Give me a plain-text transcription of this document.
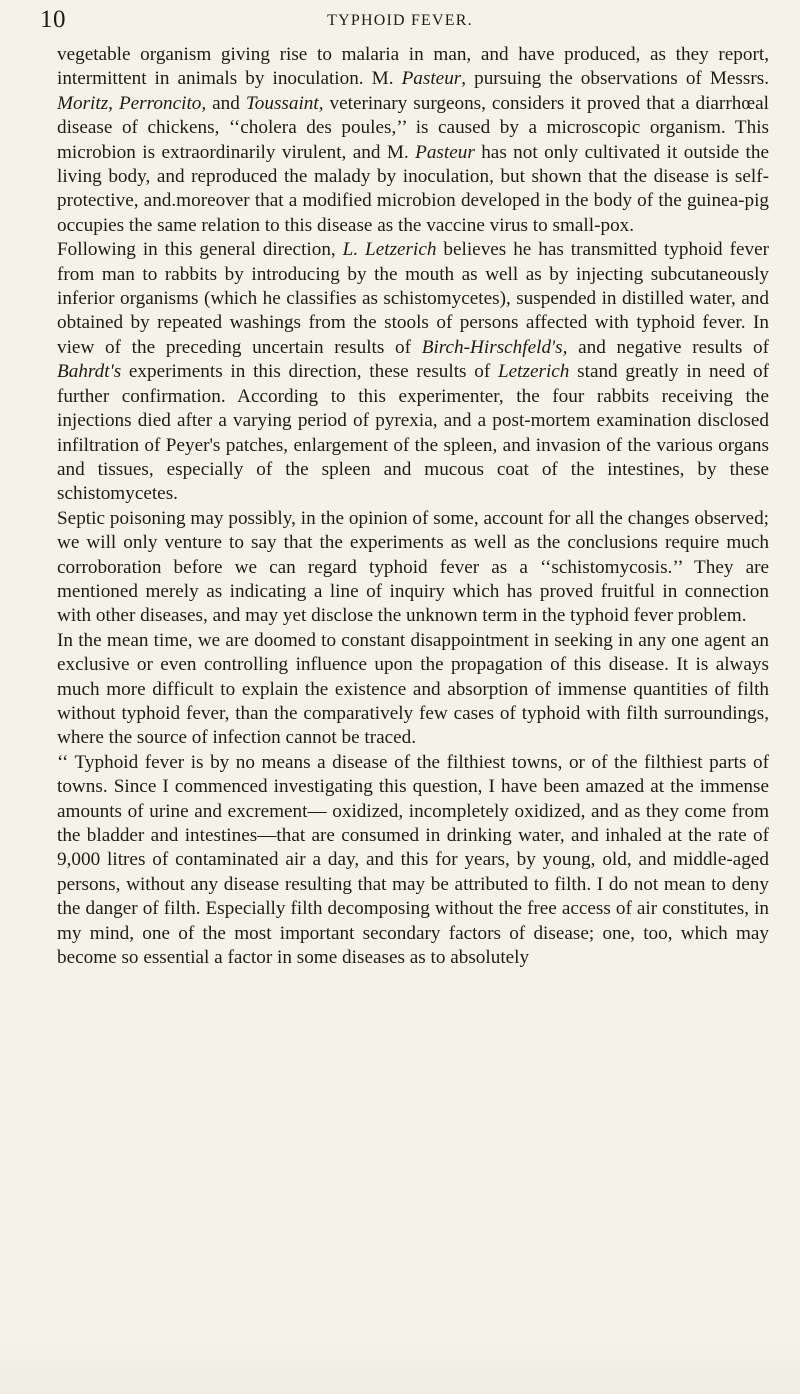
10	TYPHOID FEVER.

vegetable organism giving rise to malaria in man, and have produced, as they report, intermittent in animals by inoculation. M. Pasteur, pursuing the observations of Messrs. Moritz, Perroncito, and Toussaint, veterinary surgeons, considers it proved that a diarrhœal disease of chickens, ‘‘cholera des poules,’’ is caused by a microscopic organism. This microbion is extraordinarily virulent, and M. Pasteur has not only cultivated it outside the living body, and reproduced the malady by inoculation, but shown that the disease is self-protective, and.moreover that a modified microbion developed in the body of the guinea-pig occupies the same relation to this disease as the vaccine virus to small-pox.

Following in this general direction, L. Letzerich believes he has transmitted typhoid fever from man to rabbits by introducing by the mouth as well as by injecting subcutaneously inferior organisms (which he classifies as schistomycetes), suspended in distilled water, and obtained by repeated washings from the stools of persons affected with typhoid fever. In view of the preceding uncertain results of Birch-Hirschfeld's, and negative results of Bahrdt's experiments in this direction, these results of Letzerich stand greatly in need of further confirmation. According to this experimenter, the four rabbits receiving the injections died after a varying period of pyrexia, and a post-mortem examination disclosed infiltration of Peyer's patches, enlargement of the spleen, and invasion of the various organs and tissues, especially of the spleen and mucous coat of the intestines, by these schistomycetes.

Septic poisoning may possibly, in the opinion of some, account for all the changes observed; we will only venture to say that the experiments as well as the conclusions require much corroboration before we can regard typhoid fever as a ‘‘schistomycosis.’’ They are mentioned merely as indicating a line of inquiry which has proved fruitful in connection with other diseases, and may yet disclose the unknown term in the typhoid fever problem.

In the mean time, we are doomed to constant disappointment in seeking in any one agent an exclusive or even controlling influence upon the propagation of this disease. It is always much more difficult to explain the existence and absorption of immense quantities of filth without typhoid fever, than the comparatively few cases of typhoid with filth surroundings, where the source of infection cannot be traced.

‘‘ Typhoid fever is by no means a disease of the filthiest towns, or of the filthiest parts of towns. Since I commenced investigating this question, I have been amazed at the immense amounts of urine and excrement— oxidized, incompletely oxidized, and as they come from the bladder and intestines—that are consumed in drinking water, and inhaled at the rate of 9,000 litres of contaminated air a day, and this for years, by young, old, and middle-aged persons, without any disease resulting that may be attributed to filth. I do not mean to deny the danger of filth. Especially filth decomposing without the free access of air constitutes, in my mind, one of the most important secondary factors of disease; one, too, which may become so essential a factor in some diseases as to absolutely
